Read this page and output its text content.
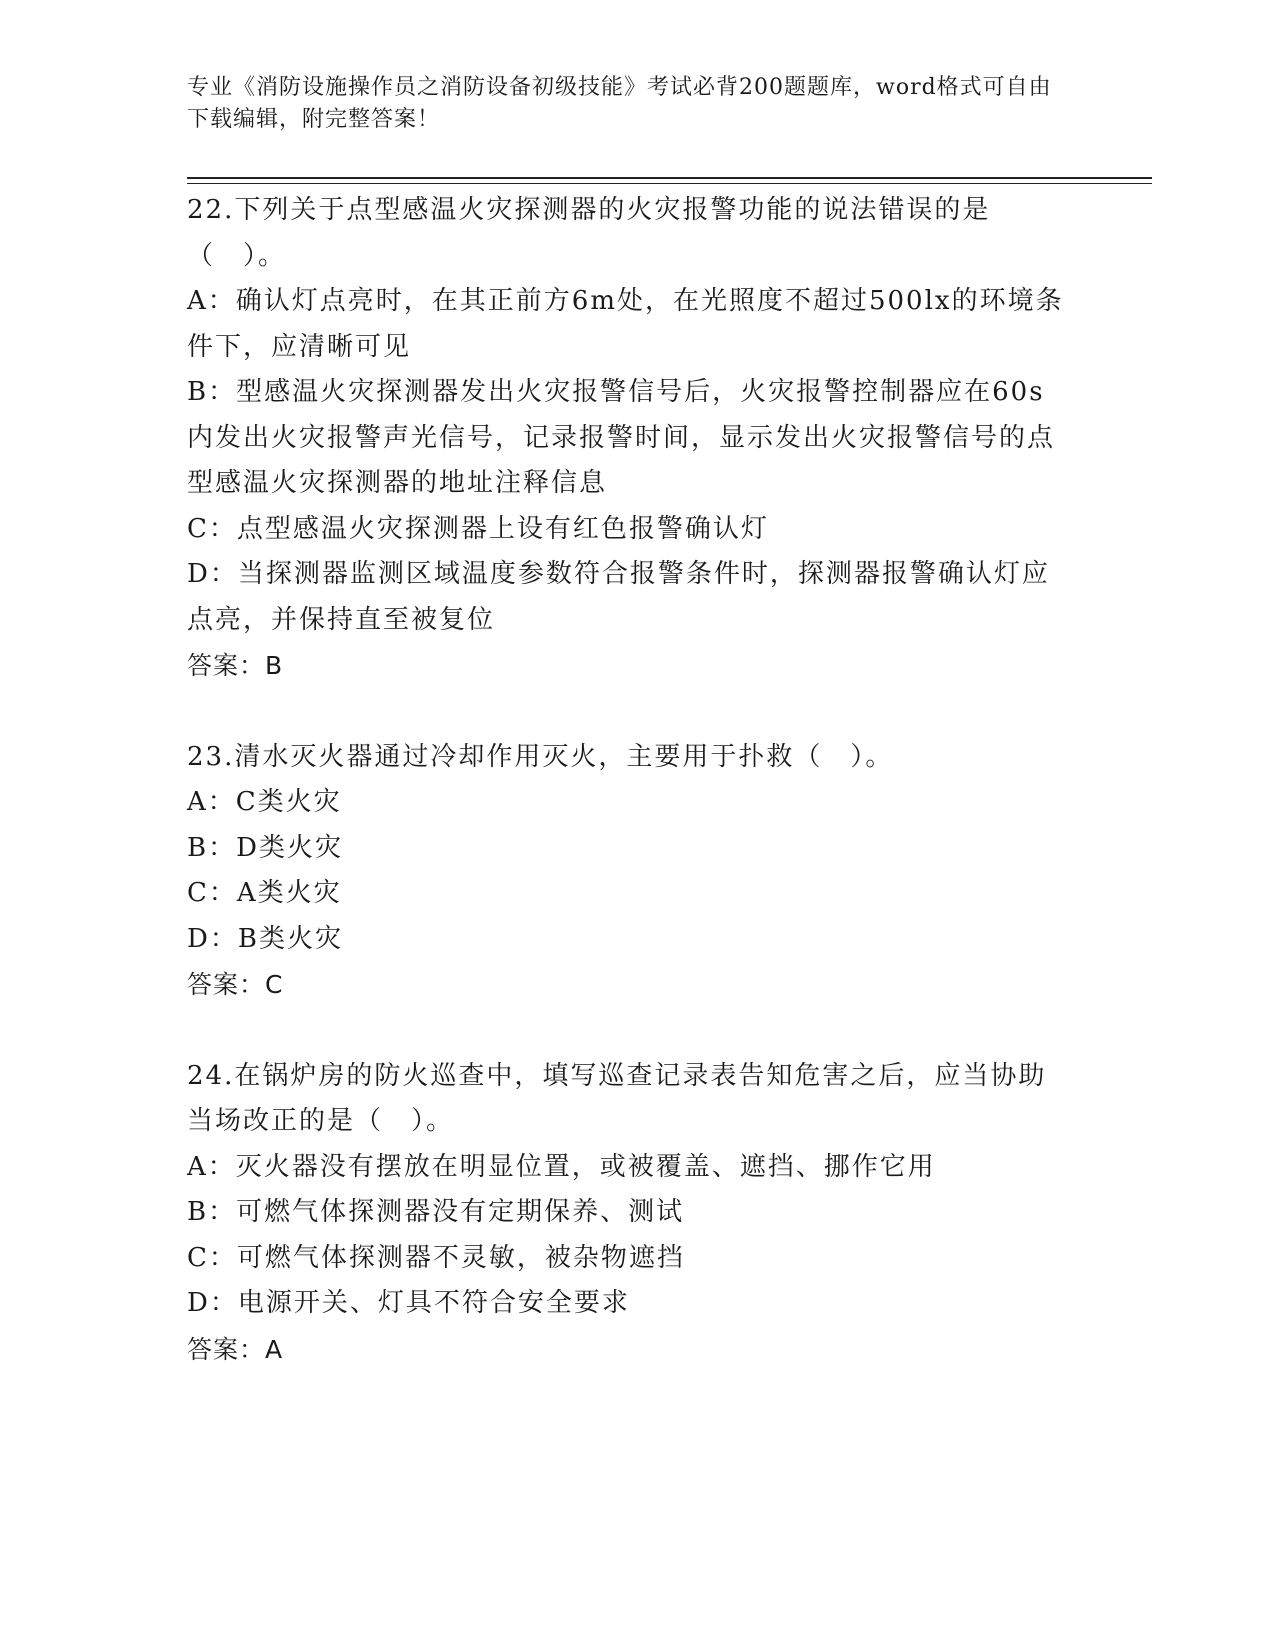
专业《消防设施操作员之消防设备初级技能》考试必背200题题库，word格式可自由下载编辑，附完整答案！
22.下列关于点型感温火灾探测器的火灾报警功能的说法错误的是（　）。
A：确认灯点亮时，在其正前方6m处，在光照度不超过500lx的环境条件下，应清晰可见
B：型感温火灾探测器发出火灾报警信号后，火灾报警控制器应在60s内发出火灾报警声光信号，记录报警时间，显示发出火灾报警信号的点型感温火灾探测器的地址注释信息
C：点型感温火灾探测器上设有红色报警确认灯
D：当探测器监测区域温度参数符合报警条件时，探测器报警确认灯应点亮，并保持直至被复位
答案：B
23.清水灭火器通过冷却作用灭火，主要用于扑救（　）。
A：C类火灾
B：D类火灾
C：A类火灾
D：B类火灾
答案：C
24.在锅炉房的防火巡查中，填写巡查记录表告知危害之后，应当协助当场改正的是（　）。
A：灭火器没有摆放在明显位置，或被覆盖、遮挡、挪作它用
B：可燃气体探测器没有定期保养、测试
C：可燃气体探测器不灵敏，被杂物遮挡
D：电源开关、灯具不符合安全要求
答案：A
